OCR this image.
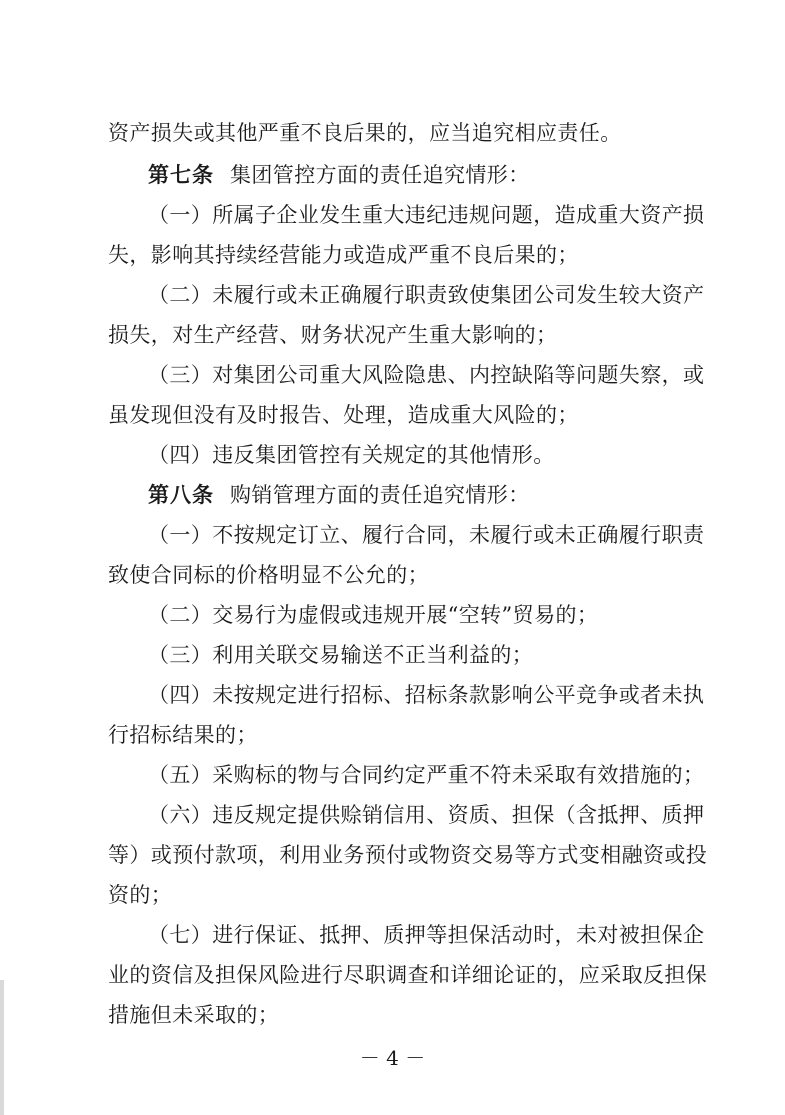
资产损失或其他严重不良后果的，应当追究相应责任。
第七条 集团管控方面的责任追究情形：
（一）所属子企业发生重大违纪违规问题，造成重大资产损
失，影响其持续经营能力或造成严重不良后果的；
（二）未履行或未正确履行职责致使集团公司发生较大资产
损失，对生产经营、财务状况产生重大影响的；
（三）对集团公司重大风险隐患、内控缺陷等问题失察，或
虽发现但没有及时报告、处理，造成重大风险的；
（四）违反集团管控有关规定的其他情形。
第八条 购销管理方面的责任追究情形：
（一）不按规定订立、履行合同，未履行或未正确履行职责
致使合同标的价格明显不公允的；
（二）交易行为虚假或违规开展“空转”贸易的；
（三）利用关联交易输送不正当利益的；
（四）未按规定进行招标、招标条款影响公平竞争或者未执
行招标结果的；
（五）采购标的物与合同约定严重不符未采取有效措施的；
（六）违反规定提供赊销信用、资质、担保（含抵押、质押
等）或预付款项，利用业务预付或物资交易等方式变相融资或投
资的；
（七）进行保证、抵押、质押等担保活动时，未对被担保企
业的资信及担保风险进行尽职调查和详细论证的，应采取反担保
措施但未采取的；
－ 4 －
